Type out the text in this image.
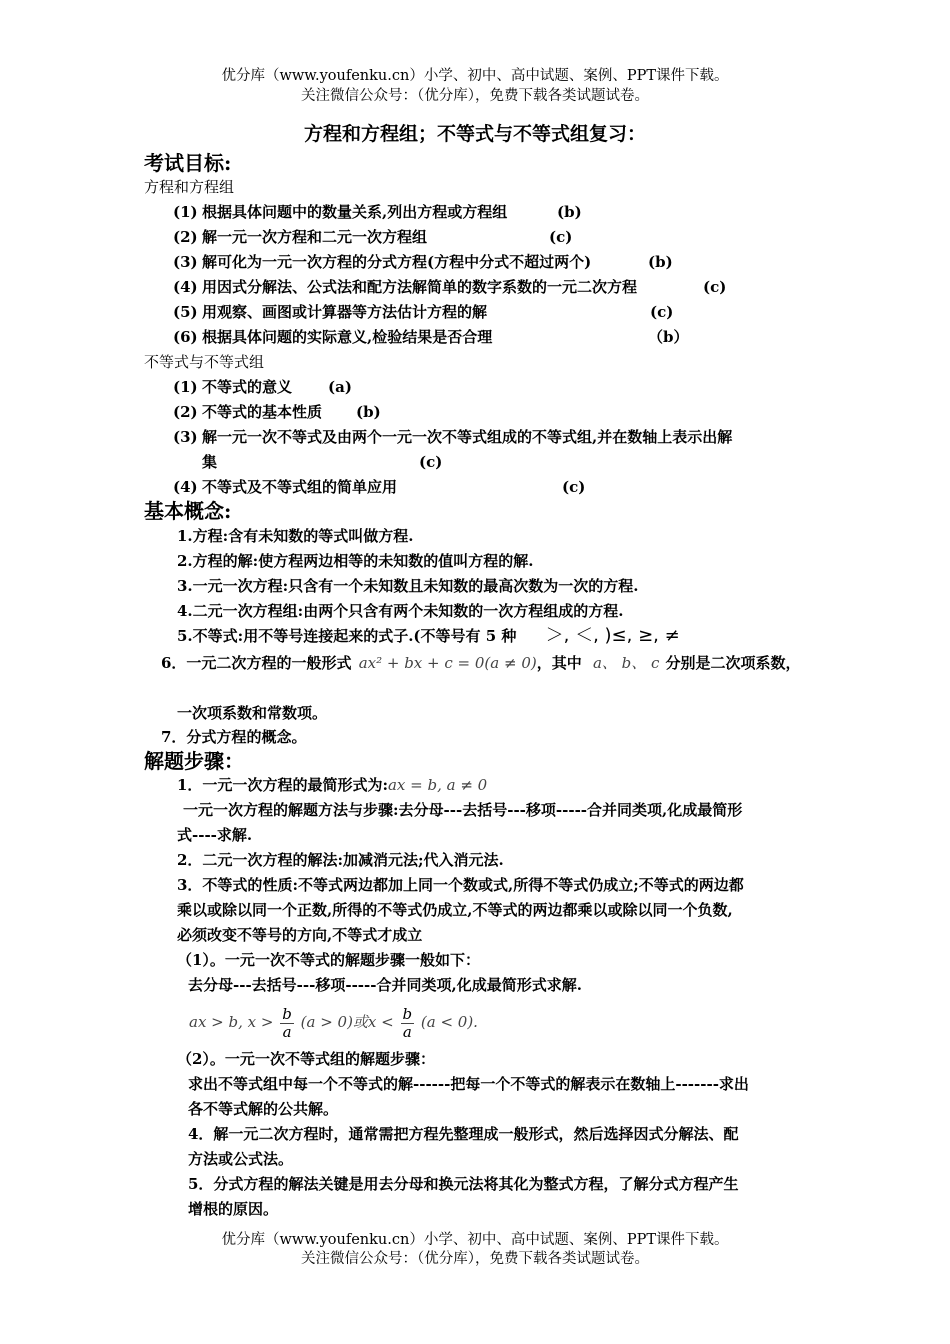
优分库（www.youfenku.cn）小学、初中、高中试题、案例、PPT课件下载。
关注微信公众号：（优分库），免费下载各类试题试卷。
方程和方程组；不等式与不等式组复习：
考试目标:
方程和方程组
(1) 根据具体问题中的数量关系,列出方程或方程组	(b)
(2) 解一元一次方程和二元一次方程组	(c)
(3) 解可化为一元一次方程的分式方程(方程中分式不超过两个)	(b)
(4) 用因式分解法、公式法和配方法解简单的数字系数的一元二次方程	(c)
(5) 用观察、画图或计算器等方法估计方程的解	(c)
(6) 根据具体问题的实际意义,检验结果是否合理	（b）
不等式与不等式组
(1) 不等式的意义 (a)
(2) 不等式的基本性质 (b)
(3) 解一元一次不等式及由两个一元一次不等式组成的不等式组,并在数轴上表示出解
集	(c)
(4) 不等式及不等式组的简单应用	(c)
基本概念:
1.方程:含有未知数的等式叫做方程.
2.方程的解:使方程两边相等的未知数的值叫方程的解.
3.一元一次方程:只含有一个未知数且未知数的最高次数为一次的方程.
4.二元一次方程组:由两个只含有两个未知数的一次方程组成的方程.
5.不等式:用不等号连接起来的式子.(不等号有 5 种 ＞, ＜, )≤, ≥, ≠
6．一元二次方程的一般形式 ax² + bx + c = 0(a ≠ 0)，其中 a、 b、 c 分别是二次项系数，
一次项系数和常数项。
7．分式方程的概念。
解题步骤：
1．一元一次方程的最简形式为:ax = b, a ≠ 0
一元一次方程的解题方法与步骤:去分母---去括号---移项-----合并同类项,化成最简形
式----求解.
2．二元一次方程的解法:加减消元法;代入消元法.
3．不等式的性质:不等式两边都加上同一个数或式,所得不等式仍成立;不等式的两边都
乘以或除以同一个正数,所得的不等式仍成立,不等式的两边都乘以或除以同一个负数,
必须改变不等号的方向,不等式才成立
（1）。一元一次不等式的解题步骤一般如下：
去分母---去括号---移项-----合并同类项,化成最简形式求解.
ax > b, $x > \frac{b}{a} (a > 0)$或$x < \frac{b}{a} (a < 0)$.
（2）。一元一次不等式组的解题步骤：
求出不等式组中每一个不等式的解------把每一个不等式的解表示在数轴上-------求出
各不等式解的公共解。
4．解一元二次方程时，通常需把方程先整理成一般形式，然后选择因式分解法、配
方法或公式法。
5．分式方程的解法关键是用去分母和换元法将其化为整式方程，了解分式方程产生
增根的原因。
优分库（www.youfenku.cn）小学、初中、高中试题、案例、PPT课件下载。
关注微信公众号：（优分库），免费下载各类试题试卷。
